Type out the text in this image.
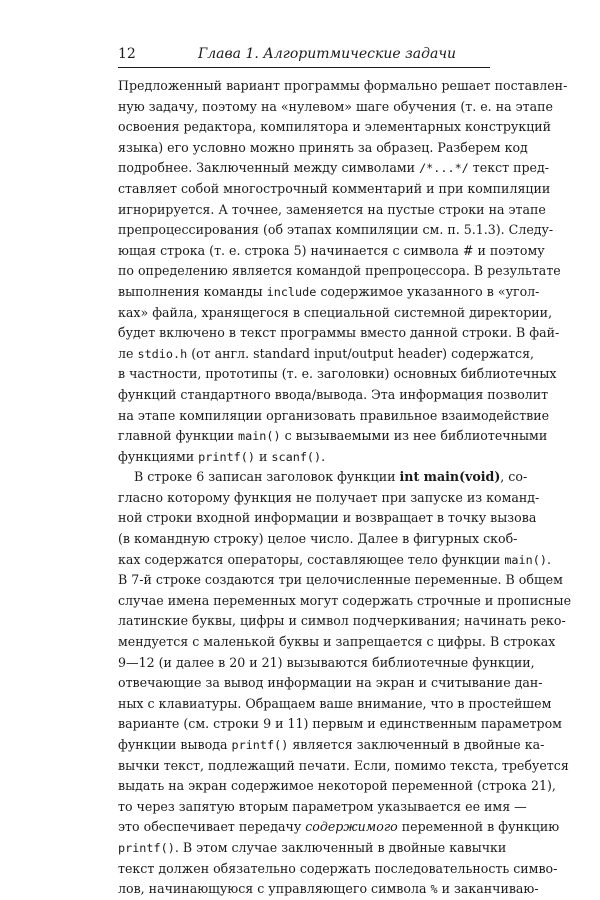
12	Глава 1. Алгоритмические задачи
Предложенный вариант программы формально решает поставлен-
ную задачу, поэтому на «нулевом» шаге обучения (т. е. на этапе
освоения редактора, компилятора и элементарных конструкций
языка) его условно можно принять за образец. Разберем код
подробнее. Заключенный между символами /*...*/ текст пред-
ставляет собой многострочный комментарий и при компиляции
игнорируется. А точнее, заменяется на пустые строки на этапе
препроцессирования (об этапах компиляции см. п. 5.1.3). Следу-
ющая строка (т. е. строка 5) начинается с символа # и поэтому
по определению является командой препроцессора. В результате
выполнения команды include содержимое указанного в «угол-
ках» файла, хранящегося в специальной системной директории,
будет включено в текст программы вместо данной строки. В фай-
ле stdio.h (от англ. standard input/output header) содержатся,
в частности, прототипы (т. е. заголовки) основных библиотечных
функций стандартного ввода/вывода. Эта информация позволит
на этапе компиляции организовать правильное взаимодействие
главной функции main() с вызываемыми из нее библиотечными
функциями printf() и scanf().
В строке 6 записан заголовок функции int main(void), со-
гласно которому функция не получает при запуске из команд-
ной строки входной информации и возвращает в точку вызова
(в командную строку) целое число. Далее в фигурных скоб-
ках содержатся операторы, составляющее тело функции main().
В 7-й строке создаются три целочисленные переменные. В общем
случае имена переменных могут содержать строчные и прописные
латинские буквы, цифры и символ подчеркивания; начинать реко-
мендуется с маленькой буквы и запрещается с цифры. В строках
9—12 (и далее в 20 и 21) вызываются библиотечные функции,
отвечающие за вывод информации на экран и считывание дан-
ных с клавиатуры. Обращаем ваше внимание, что в простейшем
варианте (см. строки 9 и 11) первым и единственным параметром
функции вывода printf() является заключенный в двойные ка-
вычки текст, подлежащий печати. Если, помимо текста, требуется
выдать на экран содержимое некоторой переменной (строка 21),
то через запятую вторым параметром указывается ее имя —
это обеспечивает передачу содержимого переменной в функцию
printf(). В этом случае заключенный в двойные кавычки
текст должен обязательно содержать последовательность симво-
лов, начинающуюся с управляющего символа % и заканчиваю-
